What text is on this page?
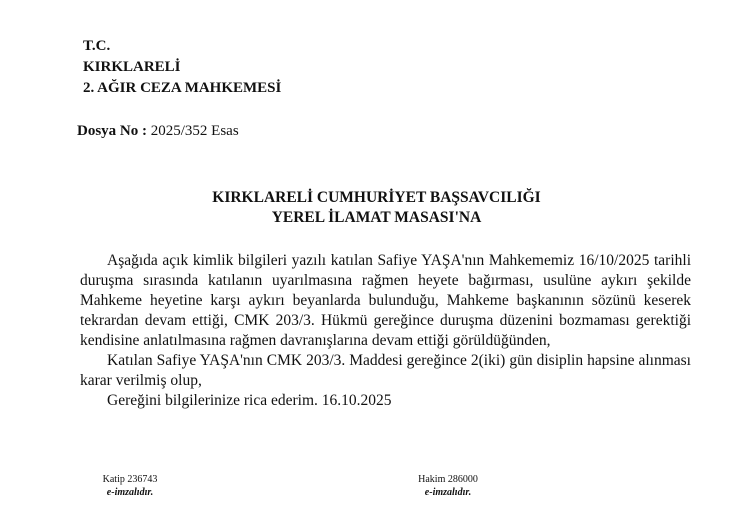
T.C.
KIRKLARELİ
2. AĞIR CEZA MAHKEMESİ
Dosya No : 2025/352 Esas
KIRKLARELİ CUMHURİYET BAŞSAVCILIĞI
YEREL İLAMAT MASASI'NA

Aşağıda açık kimlik bilgileri yazılı katılan Safiye YAŞA'nın Mahkememiz 16/10/2025 tarihli duruşma sırasında katılanın uyarılmasına rağmen heyete bağırması, usulüne aykırı şekilde Mahkeme heyetine karşı aykırı beyanlarda bulunduğu, Mahkeme başkanının sözünü keserek tekrardan devam ettiği, CMK 203/3. Hükmü gereğince duruşma düzenini bozmaması gerektiği kendisine anlatılmasına rağmen davranışlarına devam ettiği görüldüğünden,

Katılan Safiye YAŞA'nın CMK 203/3. Maddesi gereğince 2(iki) gün disiplin hapsine alınması karar verilmiş olup,

Gereğini bilgilerinize rica ederim. 16.10.2025

Katip 236743
e-imzalıdır.
Hakim 286000
e-imzalıdır.
